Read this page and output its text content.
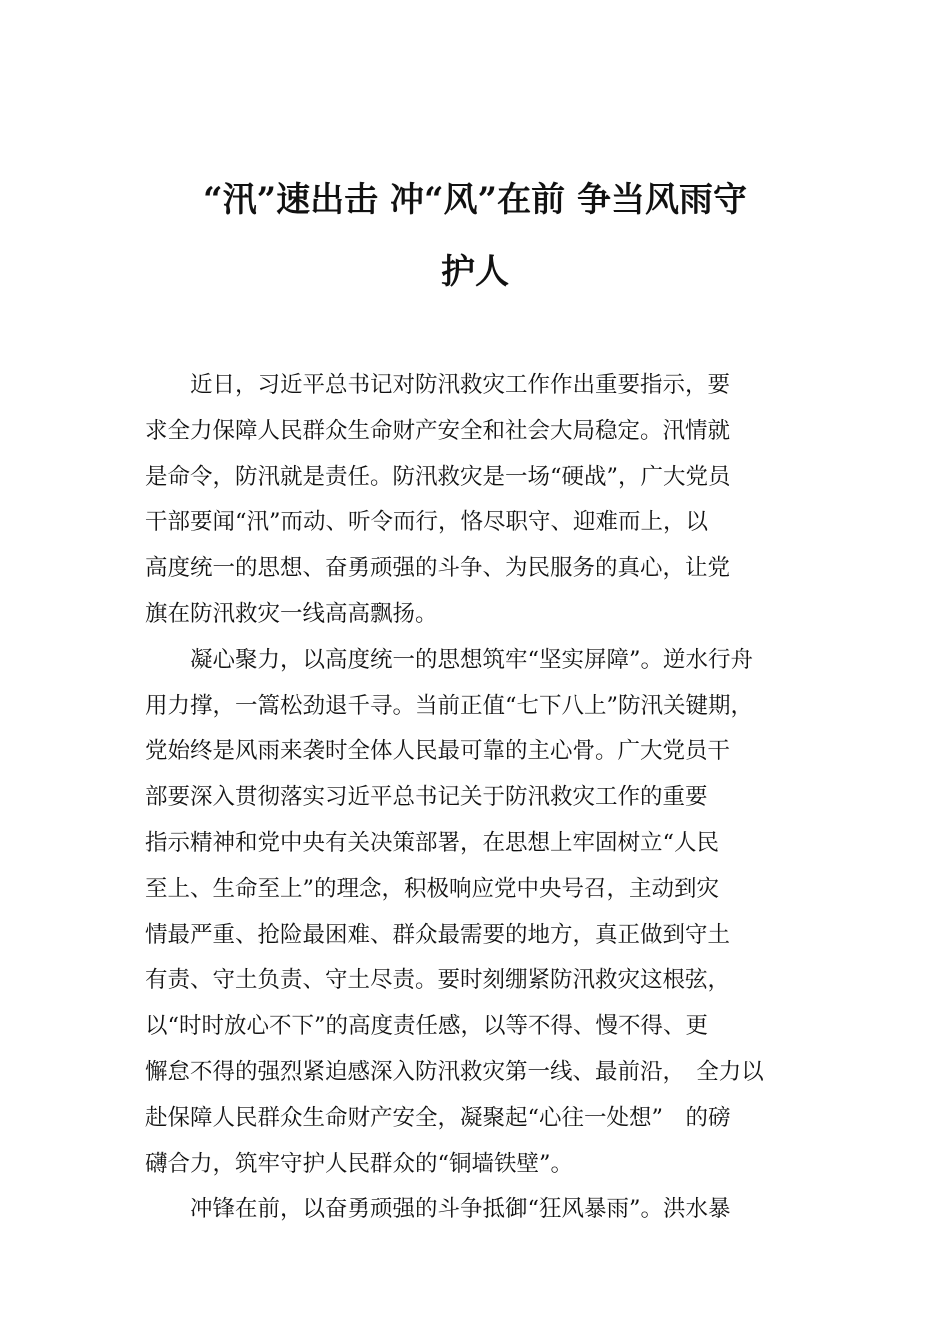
“汛”速出击 冲“风”在前 争当风雨守
护人
　　近日，习近平总书记对防汛救灾工作作出重要指示，要
求全力保障人民群众生命财产安全和社会大局稳定。汛情就
是命令，防汛就是责任。防汛救灾是一场“硬战”，广大党员
干部要闻“汛”而动、听令而行，恪尽职守、迎难而上，以
高度统一的思想、奋勇顽强的斗争、为民服务的真心，让党
旗在防汛救灾一线高高飘扬。
　　凝心聚力，以高度统一的思想筑牢“坚实屏障”。逆水行舟
用力撑，一篙松劲退千寻。当前正值“七下八上”防汛关键期，
党始终是风雨来袭时全体人民最可靠的主心骨。广大党员干
部要深入贯彻落实习近平总书记关于防汛救灾工作的重要
指示精神和党中央有关决策部署，在思想上牢固树立“人民
至上、生命至上”的理念，积极响应党中央号召，主动到灾
情最严重、抢险最困难、群众最需要的地方，真正做到守土
有责、守土负责、守土尽责。要时刻绷紧防汛救灾这根弦，
以“时时放心不下”的高度责任感，以等不得、慢不得、更
懈怠不得的强烈紧迫感深入防汛救灾第一线、最前沿，　全力以
赴保障人民群众生命财产安全，凝聚起“心往一处想”　的磅
礴合力，筑牢守护人民群众的“铜墙铁壁”。
　　冲锋在前，以奋勇顽强的斗争抵御“狂风暴雨”。洪水暴
